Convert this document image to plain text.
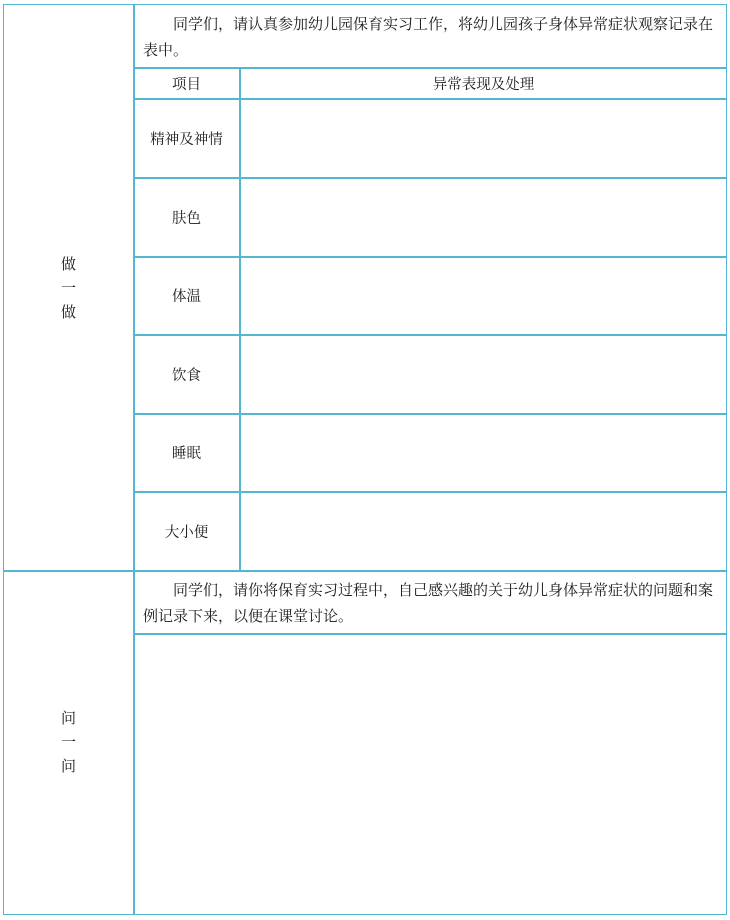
做
一
做
同学们，请认真参加幼儿园保育实习工作，将幼儿园孩子身体异常症状观察记录在表中。
项目	异常表现及处理
精神及神情
肤色
体温
饮食
睡眠
大小便
问
一
问
同学们，请你将保育实习过程中，自己感兴趣的关于幼儿身体异常症状的问题和案例记录下来，以便在课堂讨论。
